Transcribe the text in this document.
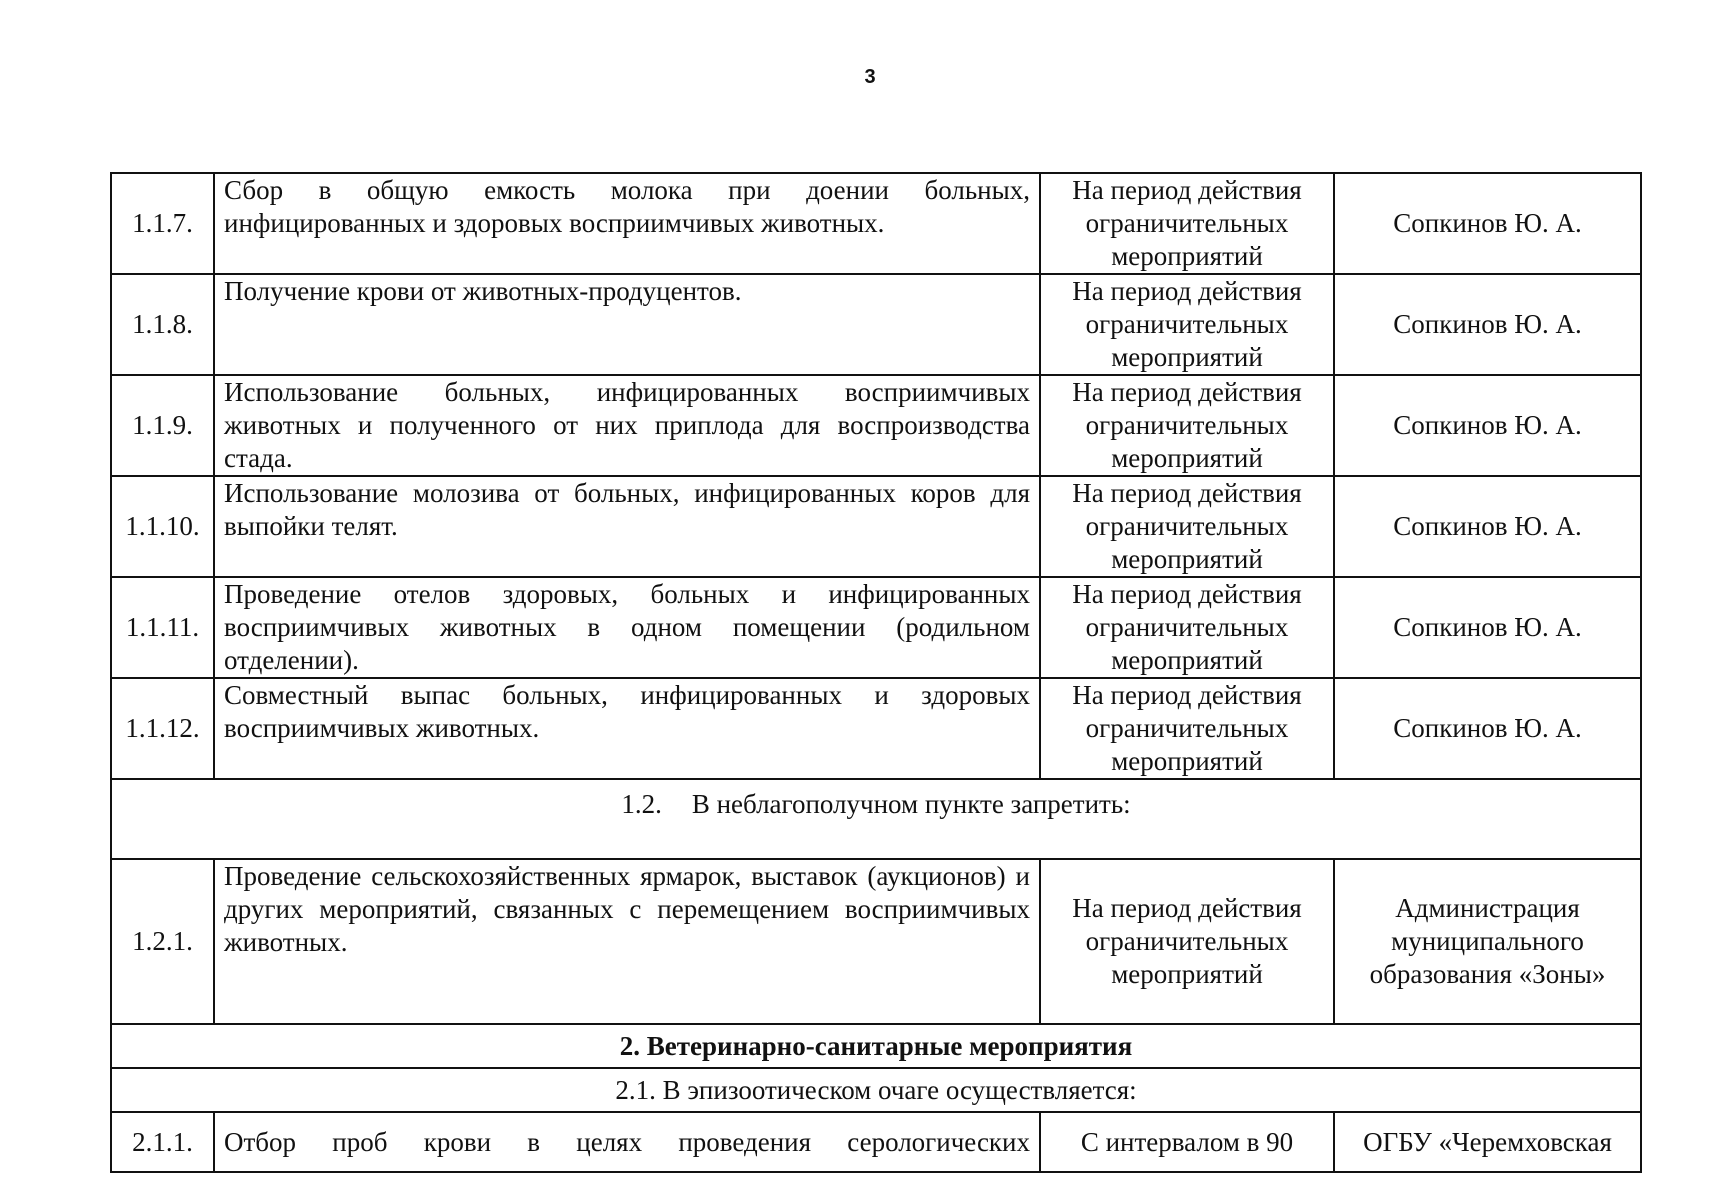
3
1.1.7.	Сбор в общую емкость молока при доении больных, инфицированных и здоровых восприимчивых животных.	На период действия ограничительных мероприятий	Сопкинов Ю. А.
1.1.8.	Получение крови от животных-продуцентов.	На период действия ограничительных мероприятий	Сопкинов Ю. А.
1.1.9.	Использование больных, инфицированных восприимчивых животных и полученного от них приплода для воспроизводства стада.	На период действия ограничительных мероприятий	Сопкинов Ю. А.
1.1.10.	Использование молозива от больных, инфицированных коров для выпойки телят.	На период действия ограничительных мероприятий	Сопкинов Ю. А.
1.1.11.	Проведение отелов здоровых, больных и инфицированных восприимчивых животных в одном помещении (родильном отделении).	На период действия ограничительных мероприятий	Сопкинов Ю. А.
1.1.12.	Совместный выпас больных, инфицированных и здоровых восприимчивых животных.	На период действия ограничительных мероприятий	Сопкинов Ю. А.
1.2. В неблагополучном пункте запретить:			
1.2.1.	Проведение сельскохозяйственных ярмарок, выставок (аукционов) и других мероприятий, связанных с перемещением восприимчивых животных.	На период действия ограничительных мероприятий	Администрация муниципального образования «Зоны»
2. Ветеринарно-санитарные мероприятия			
2.1. В эпизоотическом очаге осуществляется:			
2.1.1.	Отбор проб крови в целях проведения серологических	С интервалом в 90	ОГБУ «Черемховская
